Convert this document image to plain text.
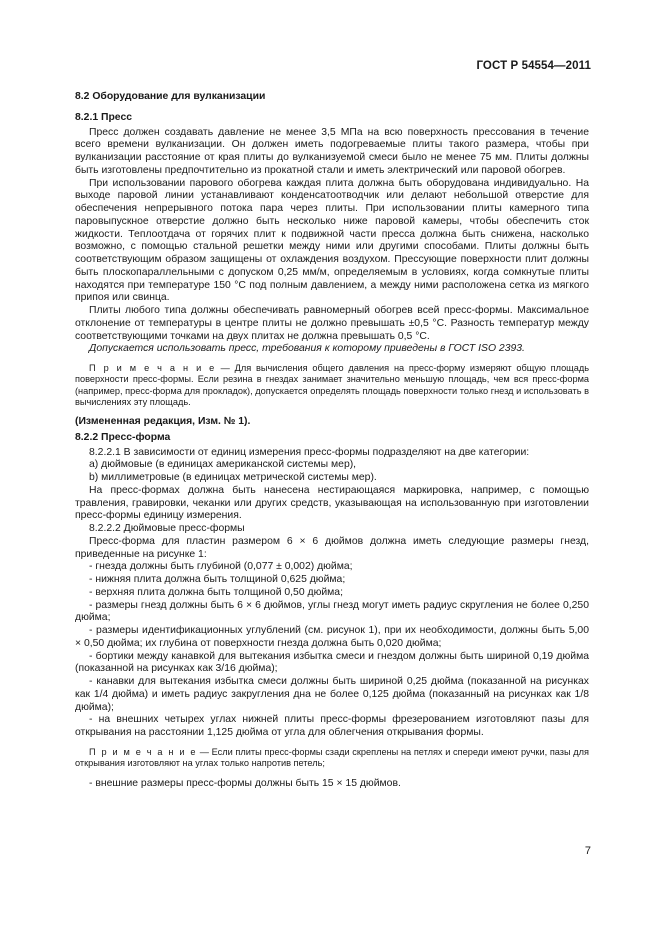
ГОСТ Р 54554—2011

8.2 Оборудование для вулканизации

8.2.1 Пресс

Пресс должен создавать давление не менее 3,5 МПа на всю поверхность прессования в течение всего времени вулканизации. Он должен иметь подогреваемые плиты такого размера, чтобы при вулканизации расстояние от края плиты до вулканизуемой смеси было не менее 75 мм. Плиты должны быть изготовлены предпочтительно из прокатной стали и иметь электрический или паровой обогрев.

При использовании парового обогрева каждая плита должна быть оборудована индивидуально. На выходе паровой линии устанавливают конденсатоотводчик или делают небольшой отверстие для обеспечения непрерывного потока пара через плиты. При использовании плиты камерного типа паровыпускное отверстие должно быть несколько ниже паровой камеры, чтобы обеспечить сток жидкости. Теплоотдача от горячих плит к подвижной части пресса должна быть снижена, насколько возможно, с помощью стальной решетки между ними или другими способами. Плиты должны быть соответствующим образом защищены от охлаждения воздухом. Прессующие поверхности плит должны быть плоскопараллельными с допуском 0,25 мм/м, определяемым в условиях, когда сомкнутые плиты находятся при температуре 150 °С под полным давлением, а между ними расположена сетка из мягкого припоя или свинца.

Плиты любого типа должны обеспечивать равномерный обогрев всей пресс-формы. Максимальное отклонение от температуры в центре плиты не должно превышать ±0,5 °С. Разность температур между соответствующими точками на двух плитах не должна превышать 0,5 °С.

Допускается использовать пресс, требования к которому приведены в ГОСТ ISO 2393.

П р и м е ч а н и е — Для вычисления общего давления на пресс-форму измеряют общую площадь поверхности пресс-формы. Если резина в гнездах занимает значительно меньшую площадь, чем вся пресс-форма (например, пресс-форма для прокладок), допускается определять площадь поверхности только гнезд и использовать в вычислениях эту площадь.

(Измененная редакция, Изм. № 1).

8.2.2 Пресс-форма

8.2.2.1 В зависимости от единиц измерения пресс-формы подразделяют на две категории:

a) дюймовые (в единицах американской системы мер),

b) миллиметровые (в единицах метрической системы мер).

На пресс-формах должна быть нанесена нестирающаяся маркировка, например, с помощью травления, гравировки, чеканки или других средств, указывающая на использованную при изготовлении пресс-формы единицу измерения.

8.2.2.2 Дюймовые пресс-формы

Пресс-форма для пластин размером 6 × 6 дюймов должна иметь следующие размеры гнезд, приведенные на рисунке 1:

- гнезда должны быть глубиной (0,077 ± 0,002) дюйма;

- нижняя плита должна быть толщиной 0,625 дюйма;

- верхняя плита должна быть толщиной 0,50 дюйма;

- размеры гнезд должны быть 6 × 6 дюймов, углы гнезд могут иметь радиус скругления не более 0,250 дюйма;

- размеры идентификационных углублений (см. рисунок 1), при их необходимости, должны быть 5,00 × 0,50 дюйма; их глубина от поверхности гнезда должна быть 0,020 дюйма;

- бортики между канавкой для вытекания избытка смеси и гнездом должны быть шириной 0,19 дюйма (показанной на рисунках как 3/16 дюйма);

- канавки для вытекания избытка смеси должны быть шириной 0,25 дюйма (показанной на рисунках как 1/4 дюйма) и иметь радиус закругления дна не более 0,125 дюйма (показанный на рисунках как 1/8 дюйма);

- на внешних четырех углах нижней плиты пресс-формы фрезерованием изготовляют пазы для открывания на расстоянии 1,125 дюйма от угла для облегчения открывания формы.

П р и м е ч а н и е — Если плиты пресс-формы сзади скреплены на петлях и спереди имеют ручки, пазы для открывания изготовляют на углах только напротив петель;

- внешние размеры пресс-формы должны быть 15 × 15 дюймов.

7
